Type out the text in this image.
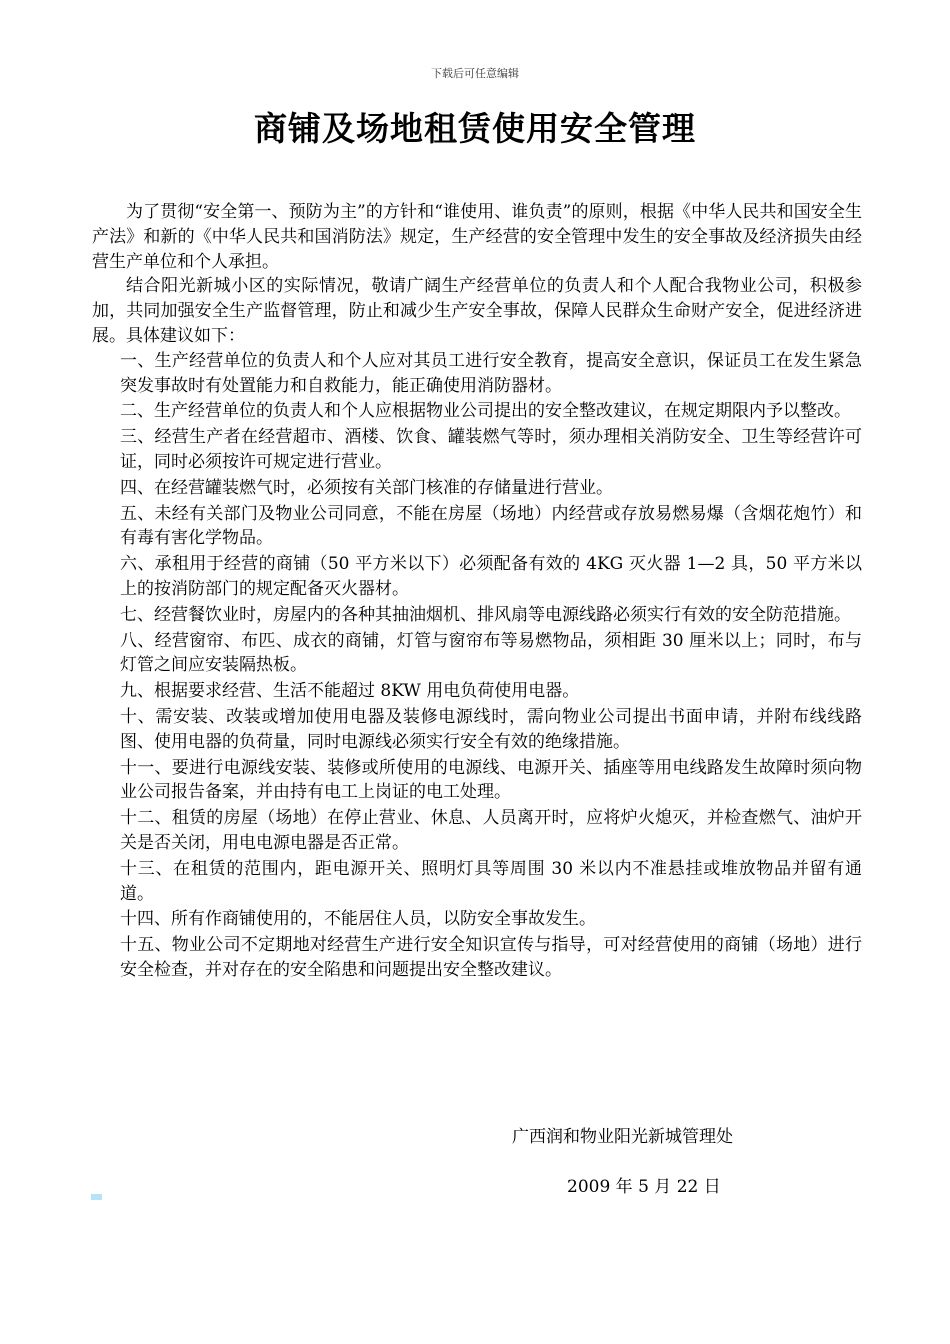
下载后可任意编辑
商铺及场地租赁使用安全管理

为了贯彻“安全第一、预防为主”的方针和“谁使用、谁负责”的原则，根据《中华人民共和国安全生产法》和新的《中华人民共和国消防法》规定，生产经营的安全管理中发生的安全事故及经济损失由经营生产单位和个人承担。

结合阳光新城小区的实际情况，敬请广阔生产经营单位的负责人和个人配合我物业公司，积极参加，共同加强安全生产监督管理，防止和减少生产安全事故，保障人民群众生命财产安全，促进经济进展。具体建议如下：

一、生产经营单位的负责人和个人应对其员工进行安全教育，提高安全意识，保证员工在发生紧急突发事故时有处置能力和自救能力，能正确使用消防器材。

二、生产经营单位的负责人和个人应根据物业公司提出的安全整改建议，在规定期限内予以整改。

三、经营生产者在经营超市、酒楼、饮食、罐装燃气等时，须办理相关消防安全、卫生等经营许可证，同时必须按许可规定进行营业。

四、在经营罐装燃气时，必须按有关部门核准的存储量进行营业。

五、未经有关部门及物业公司同意，不能在房屋（场地）内经营或存放易燃易爆（含烟花炮竹）和有毒有害化学物品。

六、承租用于经营的商铺（50 平方米以下）必须配备有效的 4KG 灭火器 1—2 具，50 平方米以上的按消防部门的规定配备灭火器材。

七、经营餐饮业时，房屋内的各种其抽油烟机、排风扇等电源线路必须实行有效的安全防范措施。

八、经营窗帘、布匹、成衣的商铺，灯管与窗帘布等易燃物品，须相距 30 厘米以上；同时，布与灯管之间应安装隔热板。

九、根据要求经营、生活不能超过 8KW 用电负荷使用电器。

十、需安装、改装或增加使用电器及装修电源线时，需向物业公司提出书面申请，并附布线线路图、使用电器的负荷量，同时电源线必须实行安全有效的绝缘措施。

十一、要进行电源线安装、装修或所使用的电源线、电源开关、插座等用电线路发生故障时须向物业公司报告备案，并由持有电工上岗证的电工处理。

十二、租赁的房屋（场地）在停止营业、休息、人员离开时，应将炉火熄灭，并检查燃气、油炉开关是否关闭，用电电源电器是否正常。

十三、在租赁的范围内，距电源开关、照明灯具等周围 30 米以内不准悬挂或堆放物品并留有通道。

十四、所有作商铺使用的，不能居住人员，以防安全事故发生。

十五、物业公司不定期地对经营生产进行安全知识宣传与指导，可对经营使用的商铺（场地）进行安全检查，并对存在的安全陷患和问题提出安全整改建议。

广西润和物业阳光新城管理处
2009 年 5 月 22 日
